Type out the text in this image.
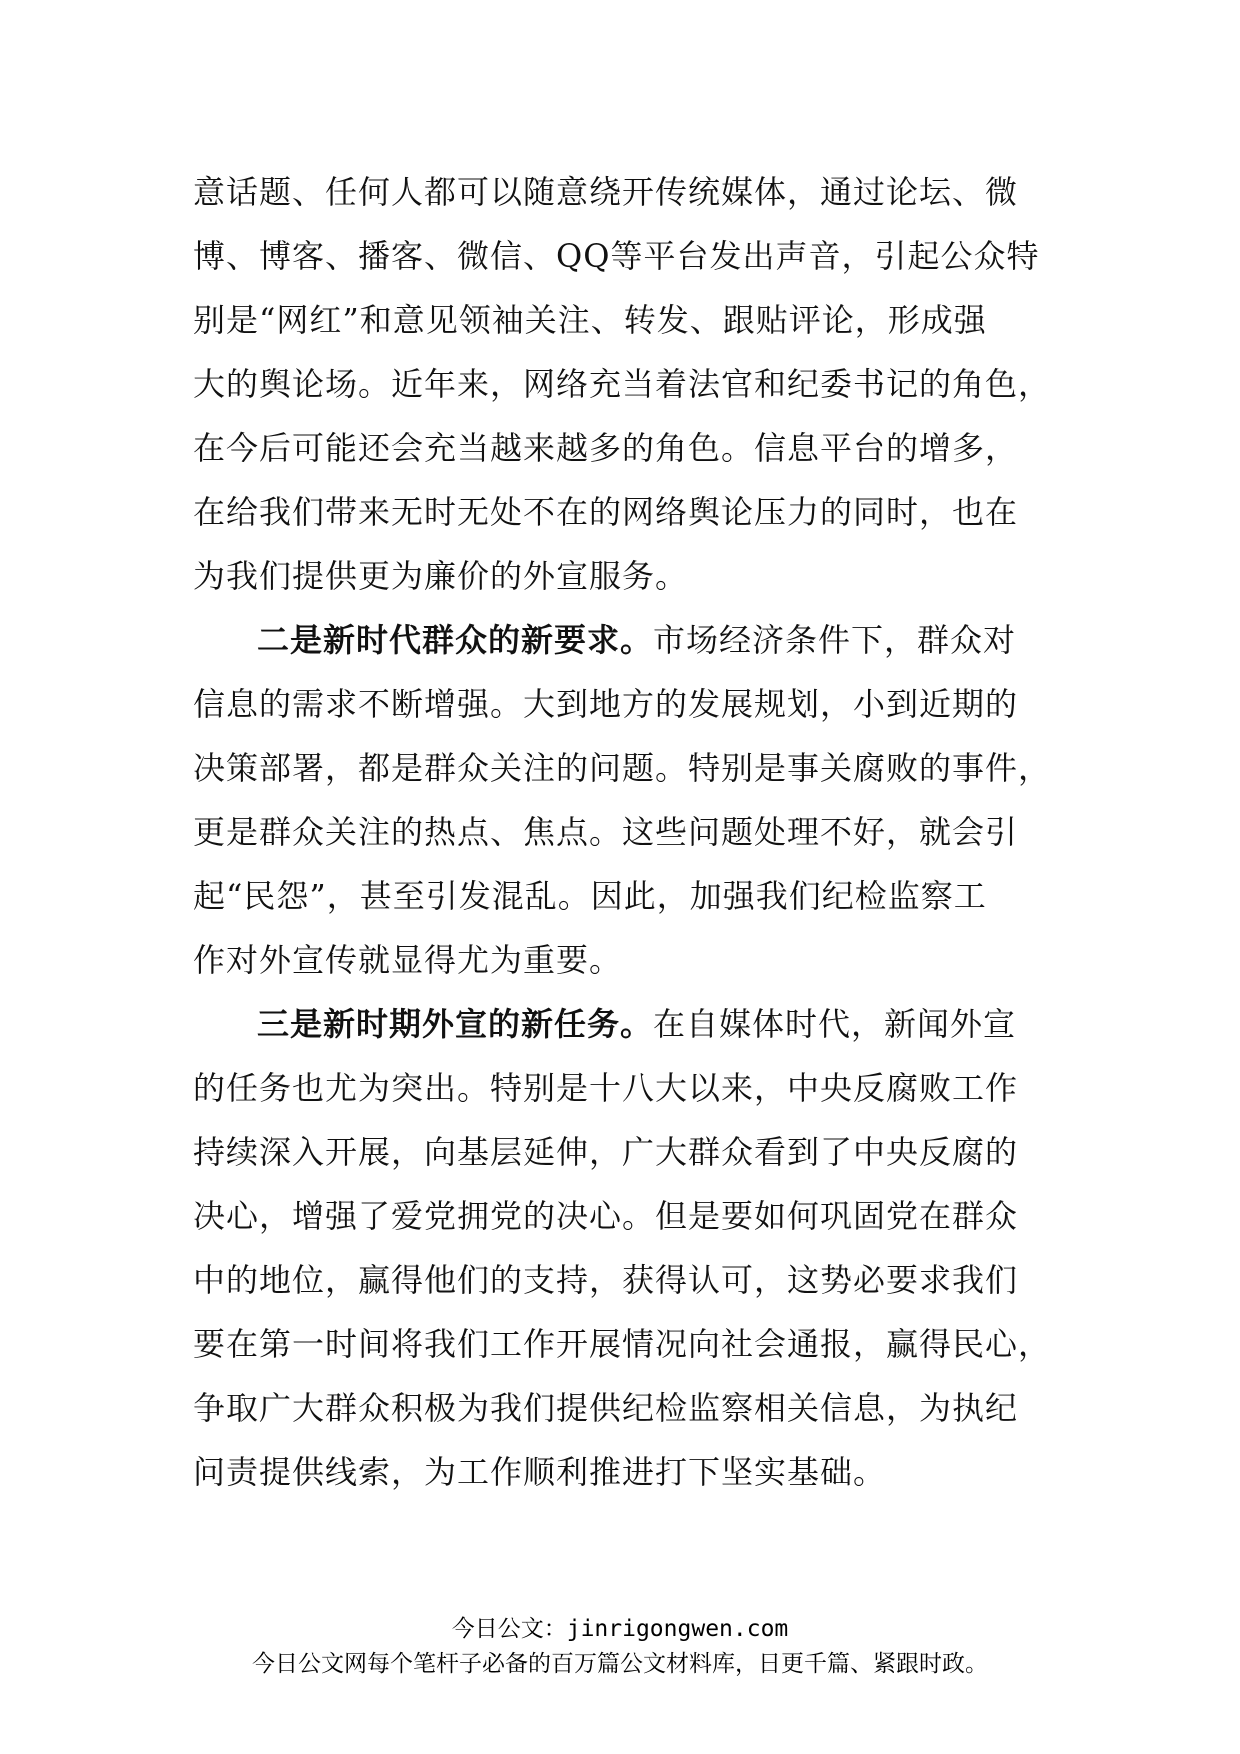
意话题、任何人都可以随意绕开传统媒体，通过论坛、微
博、博客、播客、微信、QQ等平台发出声音，引起公众特
别是“网红”和意见领袖关注、转发、跟贴评论，形成强
大的舆论场。近年来，网络充当着法官和纪委书记的角色，
在今后可能还会充当越来越多的角色。信息平台的增多，
在给我们带来无时无处不在的网络舆论压力的同时，也在
为我们提供更为廉价的外宣服务。

二是新时代群众的新要求。市场经济条件下，群众对
信息的需求不断增强。大到地方的发展规划，小到近期的
决策部署，都是群众关注的问题。特别是事关腐败的事件，
更是群众关注的热点、焦点。这些问题处理不好，就会引
起“民怨”，甚至引发混乱。因此，加强我们纪检监察工
作对外宣传就显得尤为重要。

三是新时期外宣的新任务。在自媒体时代，新闻外宣
的任务也尤为突出。特别是十八大以来，中央反腐败工作
持续深入开展，向基层延伸，广大群众看到了中央反腐的
决心，增强了爱党拥党的决心。但是要如何巩固党在群众
中的地位，赢得他们的支持，获得认可，这势必要求我们
要在第一时间将我们工作开展情况向社会通报，赢得民心，
争取广大群众积极为我们提供纪检监察相关信息，为执纪
问责提供线索，为工作顺利推进打下坚实基础。

今日公文：jinrigongwen.com
今日公文网每个笔杆子必备的百万篇公文材料库，日更千篇、紧跟时政。
